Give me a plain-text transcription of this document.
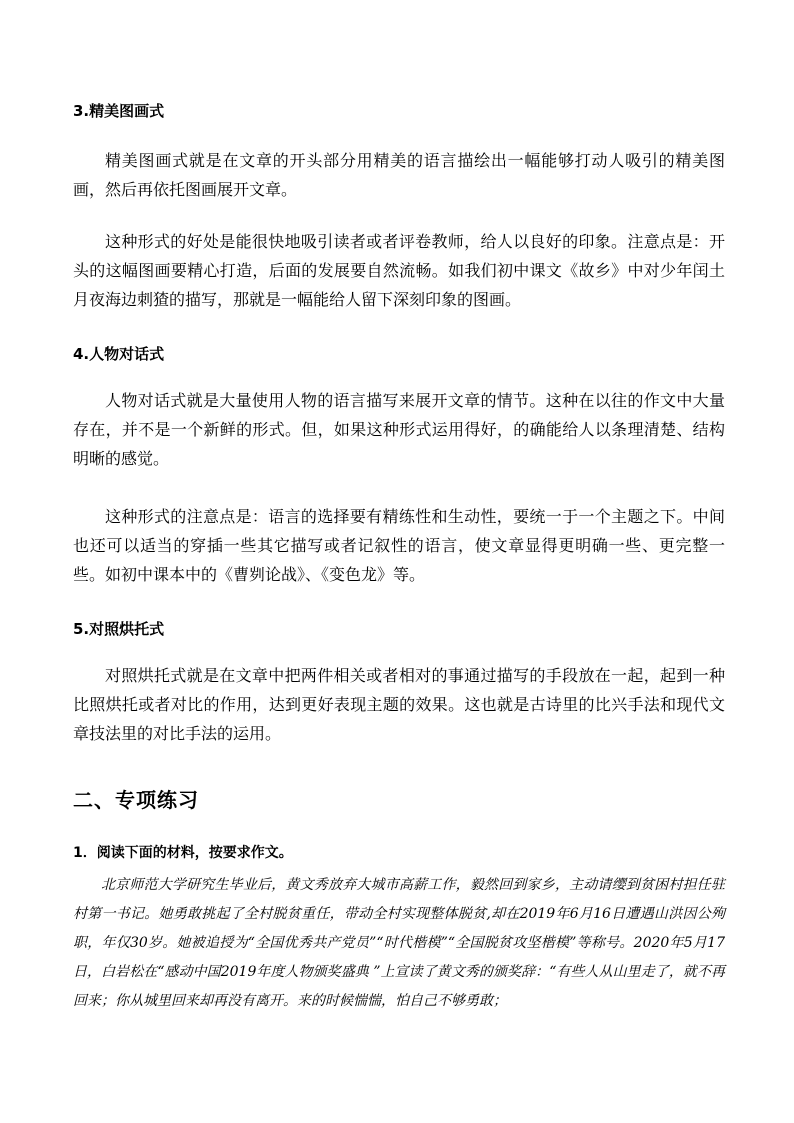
3.精美图画式

精美图画式就是在文章的开头部分用精美的语言描绘出一幅能够打动人吸引的精美图画，然后再依托图画展开文章。

这种形式的好处是能很快地吸引读者或者评卷教师，给人以良好的印象。注意点是：开头的这幅图画要精心打造，后面的发展要自然流畅。如我们初中课文《故乡》中对少年闰土月夜海边刺猹的描写，那就是一幅能给人留下深刻印象的图画。

4.人物对话式

人物对话式就是大量使用人物的语言描写来展开文章的情节。这种在以往的作文中大量存在，并不是一个新鲜的形式。但，如果这种形式运用得好，的确能给人以条理清楚、结构明晰的感觉。

这种形式的注意点是：语言的选择要有精练性和生动性，要统一于一个主题之下。中间也还可以适当的穿插一些其它描写或者记叙性的语言，使文章显得更明确一些、更完整一些。如初中课本中的《曹刿论战》、《变色龙》等。

5.对照烘托式

对照烘托式就是在文章中把两件相关或者相对的事通过描写的手段放在一起，起到一种比照烘托或者对比的作用，达到更好表现主题的效果。这也就是古诗里的比兴手法和现代文章技法里的对比手法的运用。

二、专项练习
1．阅读下面的材料，按要求作文。

北京师范大学研究生毕业后，黄文秀放弃大城市高薪工作，毅然回到家乡，主动请缨到贫困村担任驻村第一书记。她勇敢挑起了全村脱贫重任，带动全村实现整体脱贫,却在2019年6月16日遭遇山洪因公殉职，年仅30岁。她被追授为“全国优秀共产党员”“时代楷模”“全国脱贫攻坚楷模”等称号。2020年5月17日，白岩松在“感动中国2019年度人物颁奖盛典 ”上宣读了黄文秀的颁奖辞：“有些人从山里走了，就不再回来；你从城里回来却再没有离开。来的时候惴惴，怕自己不够勇敢；
